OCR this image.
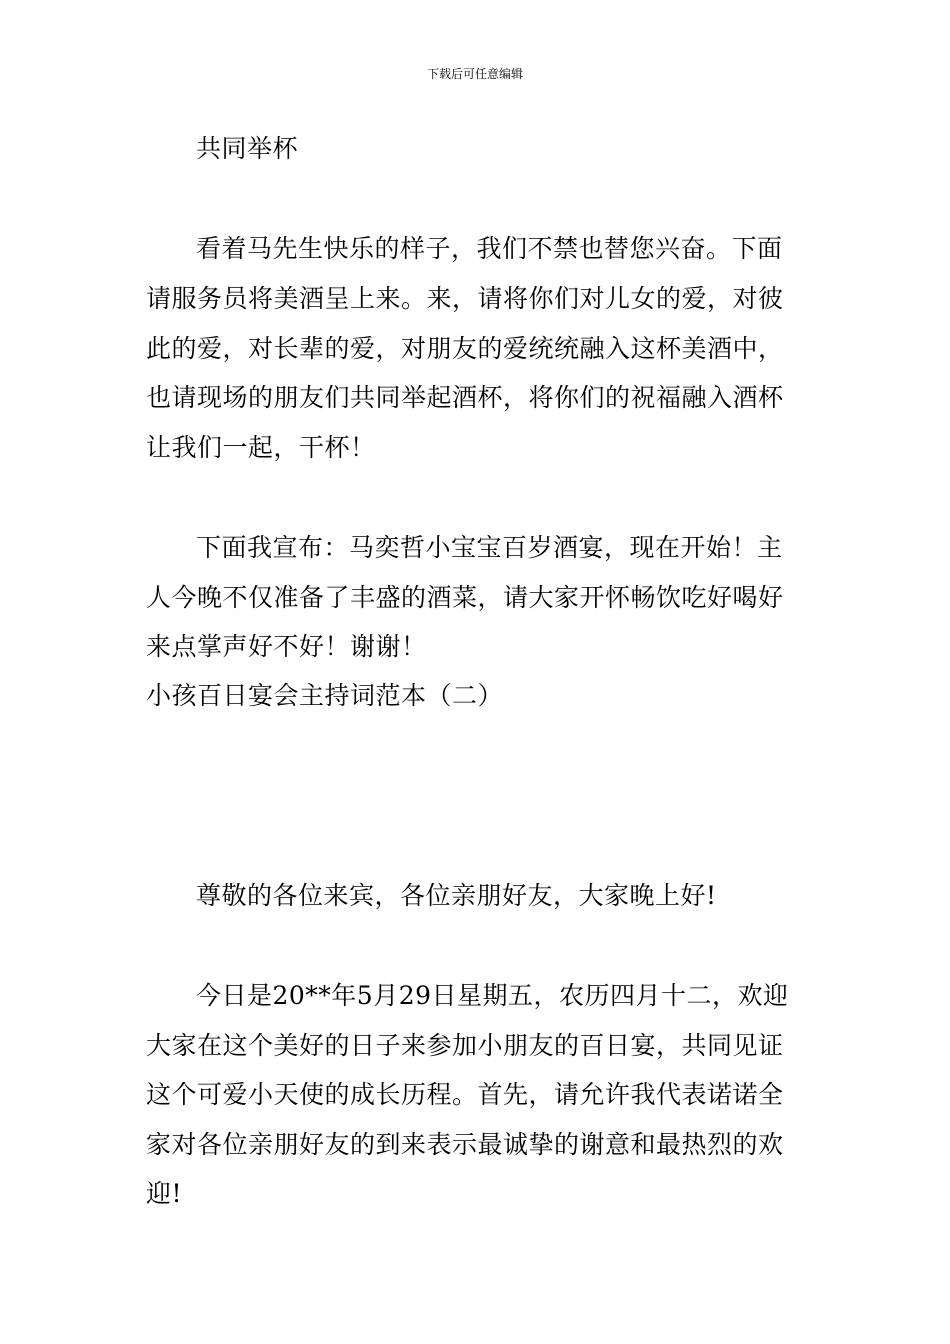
下载后可任意编辑
共同举杯
看着马先生快乐的样子，我们不禁也替您兴奋。下面
请服务员将美酒呈上来。来，请将你们对儿女的爱，对彼
此的爱，对长辈的爱，对朋友的爱统统融入这杯美酒中，
也请现场的朋友们共同举起酒杯，将你们的祝福融入酒杯
让我们一起，干杯！
下面我宣布：马奕哲小宝宝百岁酒宴，现在开始！主
人今晚不仅准备了丰盛的酒菜，请大家开怀畅饮吃好喝好
来点掌声好不好！谢谢！
小孩百日宴会主持词范本（二）
尊敬的各位来宾，各位亲朋好友，大家晚上好!
今日是20**年5月29日星期五，农历四月十二，欢迎
大家在这个美好的日子来参加小朋友的百日宴，共同见证
这个可爱小天使的成长历程。首先，请允许我代表诺诺全
家对各位亲朋好友的到来表示最诚挚的谢意和最热烈的欢
迎!
